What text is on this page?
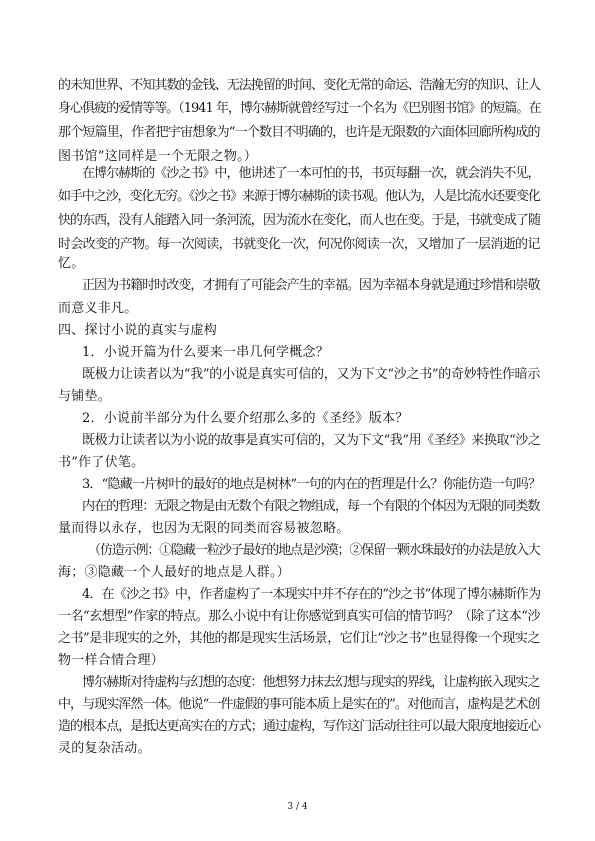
的未知世界、不知其数的金钱、无法挽留的时间、变化无常的命运、浩瀚无穷的知识、让人
身心俱疲的爱情等等。（1941 年，博尔赫斯就曾经写过一个名为《巴别图书馆》的短篇。在
那个短篇里，作者把宇宙想象为“一个数目不明确的，也许是无限数的六面体回廊所构成的
图书馆”这同样是一个无限之物。）
在博尔赫斯的《沙之书》中，他讲述了一本可怕的书，书页每翻一次，就会消失不见，
如手中之沙，变化无穷。《沙之书》来源于博尔赫斯的读书观。他认为，人是比流水还要变化
快的东西，没有人能踏入同一条河流，因为流水在变化，而人也在变。于是，书就变成了随
时会改变的产物。每一次阅读，书就变化一次，何况你阅读一次，又增加了一层消逝的记
忆。
正因为书籍时时改变，才拥有了可能会产生的幸福。因为幸福本身就是通过珍惜和崇敬
而意义非凡。
四、探讨小说的真实与虚构
1．小说开篇为什么要来一串几何学概念？
既极力让读者以为“我”的小说是真实可信的，又为下文“沙之书”的奇妙特性作暗示
与铺垫。
2．小说前半部分为什么要介绍那么多的《圣经》版本？
既极力让读者以为小说的故事是真实可信的，又为下文“我”用《圣经》来换取“沙之
书”作了伏笔。
3．“隐藏一片树叶的最好的地点是树林”一句的内在的哲理是什么？你能仿造一句吗？
内在的哲理：无限之物是由无数个有限之物组成，每一个有限的个体因为无限的同类数
量而得以永存，也因为无限的同类而容易被忽略。
（仿造示例：①隐藏一粒沙子最好的地点是沙漠；②保留一颗水珠最好的办法是放入大
海；③隐藏一个人最好的地点是人群。）
4．在《沙之书》中，作者虚构了一本现实中并不存在的“沙之书”体现了博尔赫斯作为
一名“玄想型”作家的特点。那么小说中有让你感觉到真实可信的情节吗？（除了这本“沙
之书”是非现实的之外，其他的都是现实生活场景，它们让“沙之书”也显得像一个现实之
物一样合情合理）
博尔赫斯对待虚构与幻想的态度：他想努力抹去幻想与现实的界线，让虚构嵌入现实之
中，与现实浑然一体。他说“一件虚假的事可能本质上是实在的”。对他而言，虚构是艺术创
造的根本点，是抵达更高实在的方式；通过虚构，写作这门活动往往可以最大限度地接近心
灵的复杂活动。
3 / 4
